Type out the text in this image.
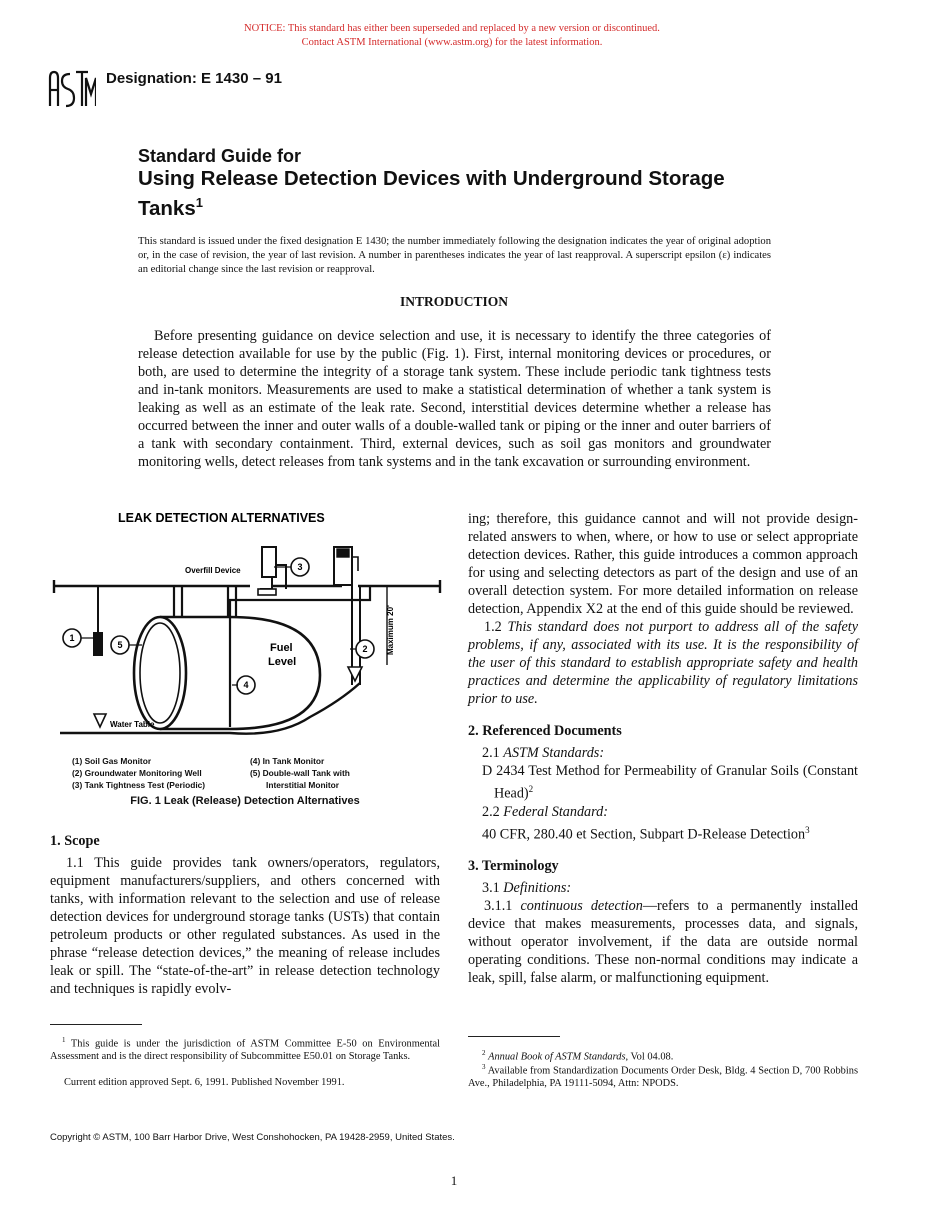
NOTICE: This standard has either been superseded and replaced by a new version or discontinued.
Contact ASTM International (www.astm.org) for the latest information.
Designation: E 1430 – 91
Standard Guide for
Using Release Detection Devices with Underground Storage
Tanks$^1$
This standard is issued under the fixed designation E 1430; the number immediately following the designation indicates the year of original adoption or, in the case of revision, the year of last revision. A number in parentheses indicates the year of last reapproval. A superscript epsilon (ε) indicates an editorial change since the last revision or reapproval.
INTRODUCTION
Before presenting guidance on device selection and use, it is necessary to identify the three categories of release detection available for use by the public (Fig. 1). First, internal monitoring devices or procedures, or both, are used to determine the integrity of a storage tank system. These include periodic tank tightness tests and in-tank monitors. Measurements are used to make a statistical determination of whether a tank system is leaking as well as an estimate of the leak rate. Second, interstitial devices determine whether a release has occurred between the inner and outer walls of a double-walled tank or piping or the inner and outer barriers of a tank with secondary containment. Third, external devices, such as soil gas monitors and groundwater monitoring wells, detect releases from tank systems and in the tank excavation or surrounding environment.
LEAK DETECTION ALTERNATIVES
Overfill Device
Maximum 20'
Fuel
Level
Water Table
1
2
3
4
5
(1) Soil Gas Monitor
(2) Groundwater Monitoring Well
(3) Tank Tightness Test (Periodic)
(4) In Tank Monitor
(5) Double-wall Tank with
Interstitial Monitor
FIG. 1 Leak (Release) Detection Alternatives
1. Scope

1.1 This guide provides tank owners/operators, regulators, equipment manufacturers/suppliers, and others concerned with tanks, with information relevant to the selection and use of release detection devices for underground storage tanks (USTs) that contain petroleum products or other regulated substances. As used in the phrase “release detection devices,” the meaning of release includes leak or spill. The “state-of-the-art” in release detection technology and techniques is rapidly evolv-

ing; therefore, this guidance cannot and will not provide design-related answers to when, where, or how to use or select appropriate detection devices. Rather, this guide introduces a common approach for using and selecting detectors as part of the design and use of an overall detection system. For more detailed information on release detection, Appendix X2 at the end of this guide should be reviewed.

1.2 This standard does not purport to address all of the safety problems, if any, associated with its use. It is the responsibility of the user of this standard to establish appropriate safety and health practices and determine the applicability of regulatory limitations prior to use.

2. Referenced Documents

2.1 ASTM Standards:

D 2434 Test Method for Permeability of Granular Soils (Constant Head)$^2$

2.2 Federal Standard:

40 CFR, 280.40 et Section, Subpart D-Release Detection$^3$

3. Terminology

3.1 Definitions:

3.1.1 continuous detection—refers to a permanently installed device that makes measurements, processes data, and signals, without operator involvement, if the data are outside normal operating conditions. These non-normal conditions may indicate a leak, spill, false alarm, or malfunctioning equipment.

$^1$ This guide is under the jurisdiction of ASTM Committee E-50 on Environmental Assessment and is the direct responsibility of Subcommittee E50.01 on Storage Tanks.
Current edition approved Sept. 6, 1991. Published November 1991.
$^2$ Annual Book of ASTM Standards, Vol 04.08.
$^3$ Available from Standardization Documents Order Desk, Bldg. 4 Section D, 700 Robbins Ave., Philadelphia, PA 19111-5094, Attn: NPODS.
Copyright © ASTM, 100 Barr Harbor Drive, West Conshohocken, PA 19428-2959, United States.
1
